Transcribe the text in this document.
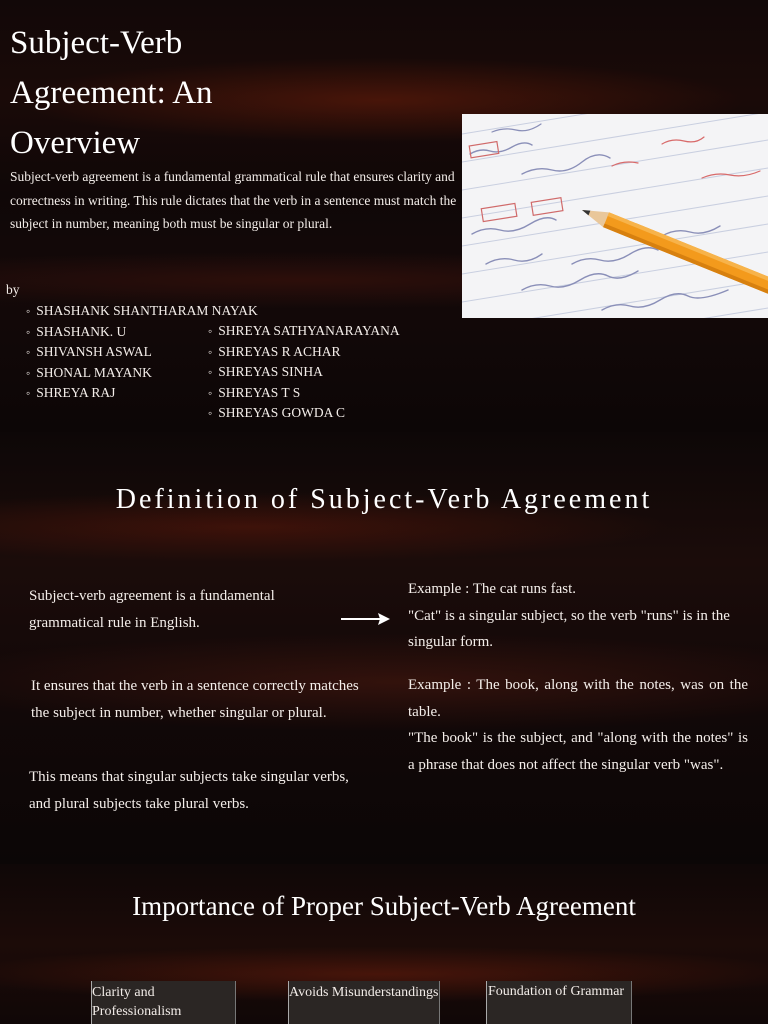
Subject-Verb Agreement: An Overview

Subject-verb agreement is a fundamental grammatical rule that ensures clarity and correctness in writing. This rule dictates that the verb in a sentence must match the subject in number, meaning both must be singular or plural.

by
◦ SHASHANK SHANTHARAM NAYAK
◦ SHASHANK. U
◦ SHIVANSH ASWAL
◦ SHONAL MAYANK
◦ SHREYA RAJ
◦ SHREYA SATHYANARAYANA
◦ SHREYAS R ACHAR
◦ SHREYAS SINHA
◦ SHREYAS T S
◦ SHREYAS GOWDA C
Definition of Subject-Verb Agreement

Subject-verb agreement is a fundamental grammatical rule in English.

It ensures that the verb in a sentence correctly matches the subject in number, whether singular or plural.

This means that singular subjects take singular verbs, and plural subjects take plural verbs.

Example : The cat runs fast.
"Cat" is a singular subject, so the verb "runs" is in the singular form.
Example : The book, along with the notes, was on the table.
"The book" is the subject, and "along with the notes" is a phrase that does not affect the singular verb "was".
Importance of Proper Subject-Verb Agreement
Clarity and Professionalism
Avoids Misunderstandings	Foundation of Grammar
